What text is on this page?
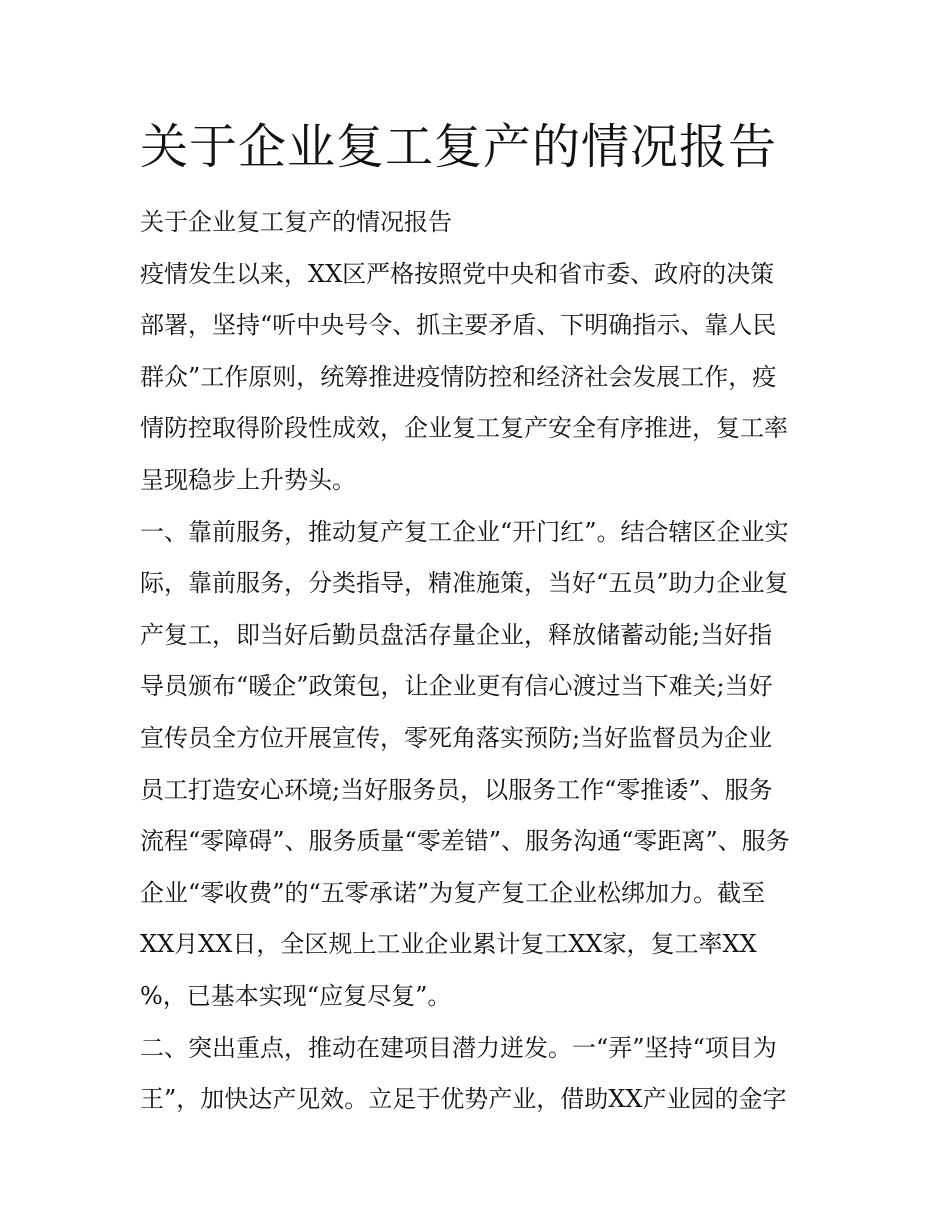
关于企业复工复产的情况报告
关于企业复工复产的情况报告
疫情发生以来，XX区严格按照党中央和省市委、政府的决策
部署，坚持“听中央号令、抓主要矛盾、下明确指示、靠人民
群众”工作原则，统筹推进疫情防控和经济社会发展工作，疫
情防控取得阶段性成效，企业复工复产安全有序推进，复工率
呈现稳步上升势头。
一、靠前服务，推动复产复工企业“开门红”。结合辖区企业实
际，靠前服务，分类指导，精准施策，当好“五员”助力企业复
产复工，即当好后勤员盘活存量企业，释放储蓄动能;当好指
导员颁布“暖企”政策包，让企业更有信心渡过当下难关;当好
宣传员全方位开展宣传，零死角落实预防;当好监督员为企业
员工打造安心环境;当好服务员，以服务工作“零推诿”、服务
流程“零障碍”、服务质量“零差错”、服务沟通“零距离”、服务
企业“零收费”的“五零承诺”为复产复工企业松绑加力。截至
XX月XX日，全区规上工业企业累计复工XX家，复工率XX
%，已基本实现“应复尽复”。
二、突出重点，推动在建项目潜力迸发。一“弄”坚持“项目为
王”，加快达产见效。立足于优势产业，借助XX产业园的金字
